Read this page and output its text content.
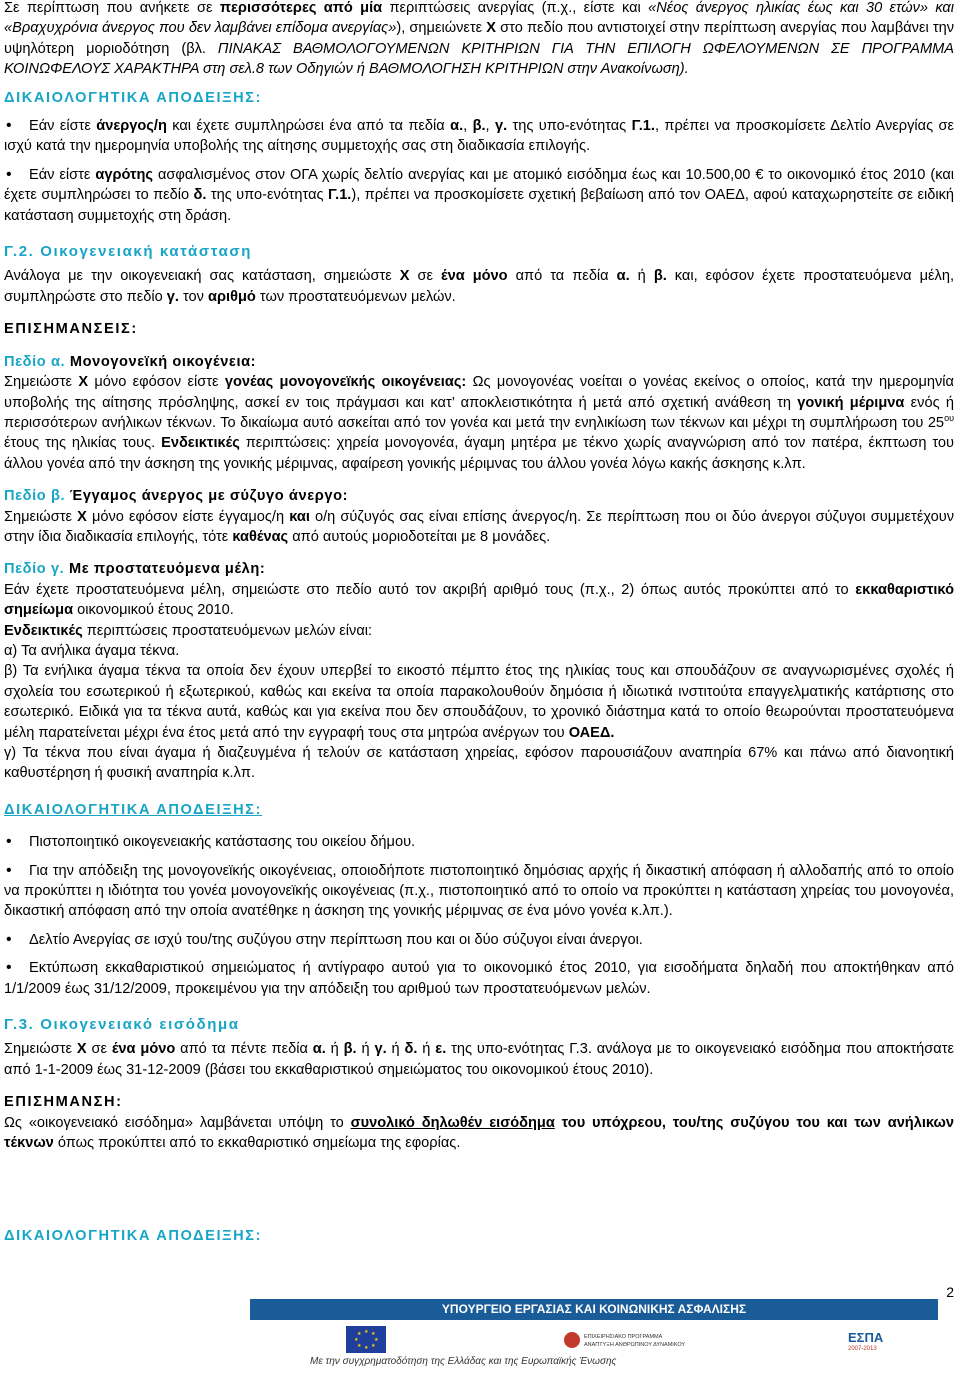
Σε περίπτωση που ανήκετε σε περισσότερες από μία περιπτώσεις ανεργίας (π.χ., είστε και «Νέος άνεργος ηλικίας έως και 30 ετών» και «Βραχυχρόνια άνεργος που δεν λαμβάνει επίδομα ανεργίας»), σημειώνετε Χ στο πεδίο που αντιστοιχεί στην περίπτωση ανεργίας που λαμβάνει την υψηλότερη μοριοδότηση (βλ. ΠΙΝΑΚΑΣ ΒΑΘΜΟΛΟΓΟΥΜΕΝΩΝ ΚΡΙΤΗΡΙΩΝ ΓΙΑ ΤΗΝ ΕΠΙΛΟΓΗ ΩΦΕΛΟΥΜΕΝΩΝ ΣΕ ΠΡΟΓΡΑΜΜΑ ΚΟΙΝΩΦΕΛΟΥΣ ΧΑΡΑΚΤΗΡΑ στη σελ.8 των Οδηγιών ή ΒΑΘΜΟΛΟΓΗΣΗ ΚΡΙΤΗΡΙΩΝ στην Ανακοίνωση).

ΔΙΚΑΙΟΛΟΓΗΤΙΚΑ ΑΠΟΔΕΙΞΗΣ:

• Εάν είστε άνεργος/η και έχετε συμπληρώσει ένα από τα πεδία α., β., γ. της υπο-ενότητας Γ.1., πρέπει να προσκομίσετε Δελτίο Ανεργίας σε ισχύ κατά την ημερομηνία υποβολής της αίτησης συμμετοχής σας στη διαδικασία επιλογής.

• Εάν είστε αγρότης ασφαλισμένος στον ΟΓΑ χωρίς δελτίο ανεργίας και με ατομικό εισόδημα έως και 10.500,00 € το οικονομικό έτος 2010 (και έχετε συμπληρώσει το πεδίο δ. της υπο-ενότητας Γ.1.), πρέπει να προσκομίσετε σχετική βεβαίωση από τον ΟΑΕΔ, αφού καταχωρηστείτε σε ειδική κατάσταση συμμετοχής στη δράση.

Γ.2. Οικογενειακή κατάσταση

Ανάλογα με την οικογενειακή σας κατάσταση, σημειώστε Χ σε ένα μόνο από τα πεδία α. ή β. και, εφόσον έχετε προστατευόμενα μέλη, συμπληρώστε στο πεδίο γ. τον αριθμό των προστατευόμενων μελών.

ΕΠΙΣΗΜΑΝΣΕΙΣ:

Πεδίο α. Μονογονεϊκή οικογένεια:

Σημειώστε Χ μόνο εφόσον είστε γονέας μονογονεϊκής οικογένειας: Ως μονογονέας νοείται ο γονέας εκείνος ο οποίος, κατά την ημερομηνία υποβολής της αίτησης πρόσληψης, ασκεί εν τοις πράγμασι και κατ’ αποκλειστικότητα ή μετά από σχετική ανάθεση τη γονική μέριμνα ενός ή περισσότερων ανήλικων τέκνων. Το δικαίωμα αυτό ασκείται από τον γονέα και μετά την ενηλικίωση των τέκνων και μέχρι τη συμπλήρωση του $25^{o\upsilon}$ έτους της ηλικίας τους. Ενδεικτικές περιπτώσεις: χηρεία μονογονέα, άγαμη μητέρα με τέκνο χωρίς αναγνώριση από τον πατέρα, έκπτωση του άλλου γονέα από την άσκηση της γονικής μέριμνας, αφαίρεση γονικής μέριμνας του άλλου γονέα λόγω κακής άσκησης κ.λπ.

Πεδίο β. Έγγαμος άνεργος με σύζυγο άνεργο:

Σημειώστε Χ μόνο εφόσον είστε έγγαμος/η και ο/η σύζυγός σας είναι επίσης άνεργος/η. Σε περίπτωση που οι δύο άνεργοι σύζυγοι συμμετέχουν στην ίδια διαδικασία επιλογής, τότε καθένας από αυτούς μοριοδοτείται με 8 μονάδες.

Πεδίο γ. Με προστατευόμενα μέλη:

Εάν έχετε προστατευόμενα μέλη, σημειώστε στο πεδίο αυτό τον ακριβή αριθμό τους (π.χ., 2) όπως αυτός προκύπτει από το εκκαθαριστικό σημείωμα οικονομικού έτους 2010.

Ενδεικτικές περιπτώσεις προστατευόμενων μελών είναι:

α) Τα ανήλικα άγαμα τέκνα.

β) Τα ενήλικα άγαμα τέκνα τα οποία δεν έχουν υπερβεί το εικοστό πέμπτο έτος της ηλικίας τους και σπουδάζουν σε αναγνωρισμένες σχολές ή σχολεία του εσωτερικού ή εξωτερικού, καθώς και εκείνα τα οποία παρακολουθούν δημόσια ή ιδιωτικά ινστιτούτα επαγγελματικής κατάρτισης στο εσωτερικό. Ειδικά για τα τέκνα αυτά, καθώς και για εκείνα που δεν σπουδάζουν, το χρονικό διάστημα κατά το οποίο θεωρούνται προστατευόμενα μέλη παρατείνεται μέχρι ένα έτος μετά από την εγγραφή τους στα μητρώα ανέργων του ΟΑΕΔ.

γ) Τα τέκνα που είναι άγαμα ή διαζευγμένα ή τελούν σε κατάσταση χηρείας, εφόσον παρουσιάζουν αναπηρία 67% και πάνω από διανοητική καθυστέρηση ή φυσική αναπηρία κ.λπ.

ΔΙΚΑΙΟΛΟΓΗΤΙΚΑ ΑΠΟΔΕΙΞΗΣ:

• Πιστοποιητικό οικογενειακής κατάστασης του οικείου δήμου.

• Για την απόδειξη της μονογονεϊκής οικογένειας, οποιοδήποτε πιστοποιητικό δημόσιας αρχής ή δικαστική απόφαση ή αλλοδαπής από το οποίο να προκύπτει η ιδιότητα του γονέα μονογονεϊκής οικογένειας (π.χ., πιστοποιητικό από το οποίο να προκύπτει η κατάσταση χηρείας του μονογονέα, δικαστική απόφαση από την οποία ανατέθηκε η άσκηση της γονικής μέριμνας σε ένα μόνο γονέα κ.λπ.).

• Δελτίο Ανεργίας σε ισχύ του/της συζύγου στην περίπτωση που και οι δύο σύζυγοι είναι άνεργοι.

• Εκτύπωση εκκαθαριστικού σημειώματος ή αντίγραφο αυτού για το οικονομικό έτος 2010, για εισοδήματα δηλαδή που αποκτήθηκαν από 1/1/2009 έως 31/12/2009, προκειμένου για την απόδειξη του αριθμού των προστατευόμενων μελών.

Γ.3. Οικογενειακό εισόδημα

Σημειώστε Χ σε ένα μόνο από τα πέντε πεδία α. ή β. ή γ. ή δ. ή ε. της υπο-ενότητας Γ.3. ανάλογα με το οικογενειακό εισόδημα που αποκτήσατε από 1-1-2009 έως 31-12-2009 (βάσει του εκκαθαριστικού σημειώματος του οικονομικού έτους 2010).

ΕΠΙΣΗΜΑΝΣΗ:

Ως «οικογενειακό εισόδημα» λαμβάνεται υπόψη το συνολικό δηλωθέν εισόδημα του υπόχρεου, του/της συζύγου του και των ανήλικων τέκνων όπως προκύπτει από το εκκαθαριστικό σημείωμα της εφορίας.

ΔΙΚΑΙΟΛΟΓΗΤΙΚΑ ΑΠΟΔΕΙΞΗΣ:

2
ΥΠΟΥΡΓΕΙΟ ΕΡΓΑΣΙΑΣ ΚΑΙ ΚΟΙΝΩΝΙΚΗΣ ΑΣΦΑΛΙΣΗΣ
★ ★
★
★
★
★
★
★	ΕΠΙΧΕΙΡΗΣΙΑΚΟ ΠΡΟΓΡΑΜΜΑ
ΑΝΑΠΤΥΞΗ ΑΝΘΡΩΠΙΝΟΥ ΔΥΝΑΜΙΚΟΥ	ΕΣΠΑ
2007-2013
Με την συγχρηματοδότηση της Ελλάδας και της Ευρωπαϊκής Ένωσης
